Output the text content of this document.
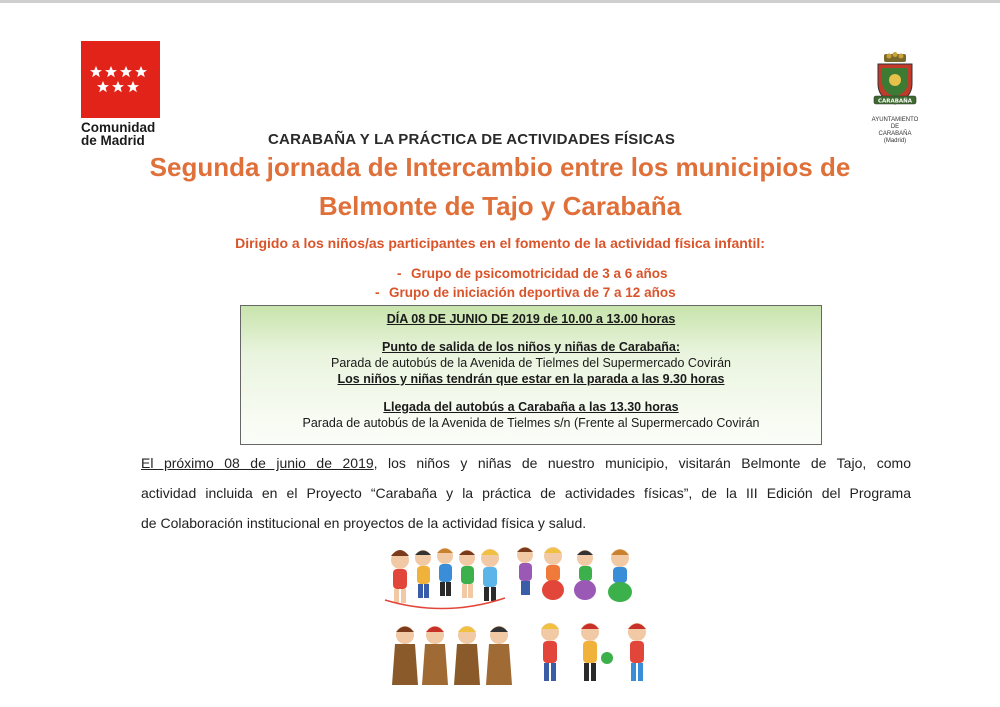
Comunidad
de Madrid
CARABAÑA
AYUNTAMIENTO
DE
CARABAÑA
(Madrid)
CARABAÑA Y LA PRÁCTICA DE ACTIVIDADES FÍSICAS
Segunda jornada de Intercambio entre los municipios de
Belmonte de Tajo y Carabaña
Dirigido a los niños/as participantes en el fomento de la actividad física infantil:
- Grupo de psicomotricidad de 3 a 6 años
- Grupo de iniciación deportiva de 7 a 12 años
DÍA 08 DE JUNIO DE 2019 de 10.00 a 13.00 horas
Punto de salida de los niños y niñas de Carabaña:
Parada de autobús de la Avenida de Tielmes del Supermercado Covirán
Los niños y niñas tendrán que estar en la parada a las 9.30 horas
Llegada del autobús a Carabaña a las 13.30 horas
Parada de autobús de la Avenida de Tielmes s/n (Frente al Supermercado Covirán
El próximo 08 de junio de 2019, los niños y niñas de nuestro municipio, visitarán Belmonte de Tajo, como
actividad incluida en el Proyecto “Carabaña y la práctica de actividades físicas”, de la III Edición del Programa
de Colaboración institucional en proyectos de la actividad física y salud.
